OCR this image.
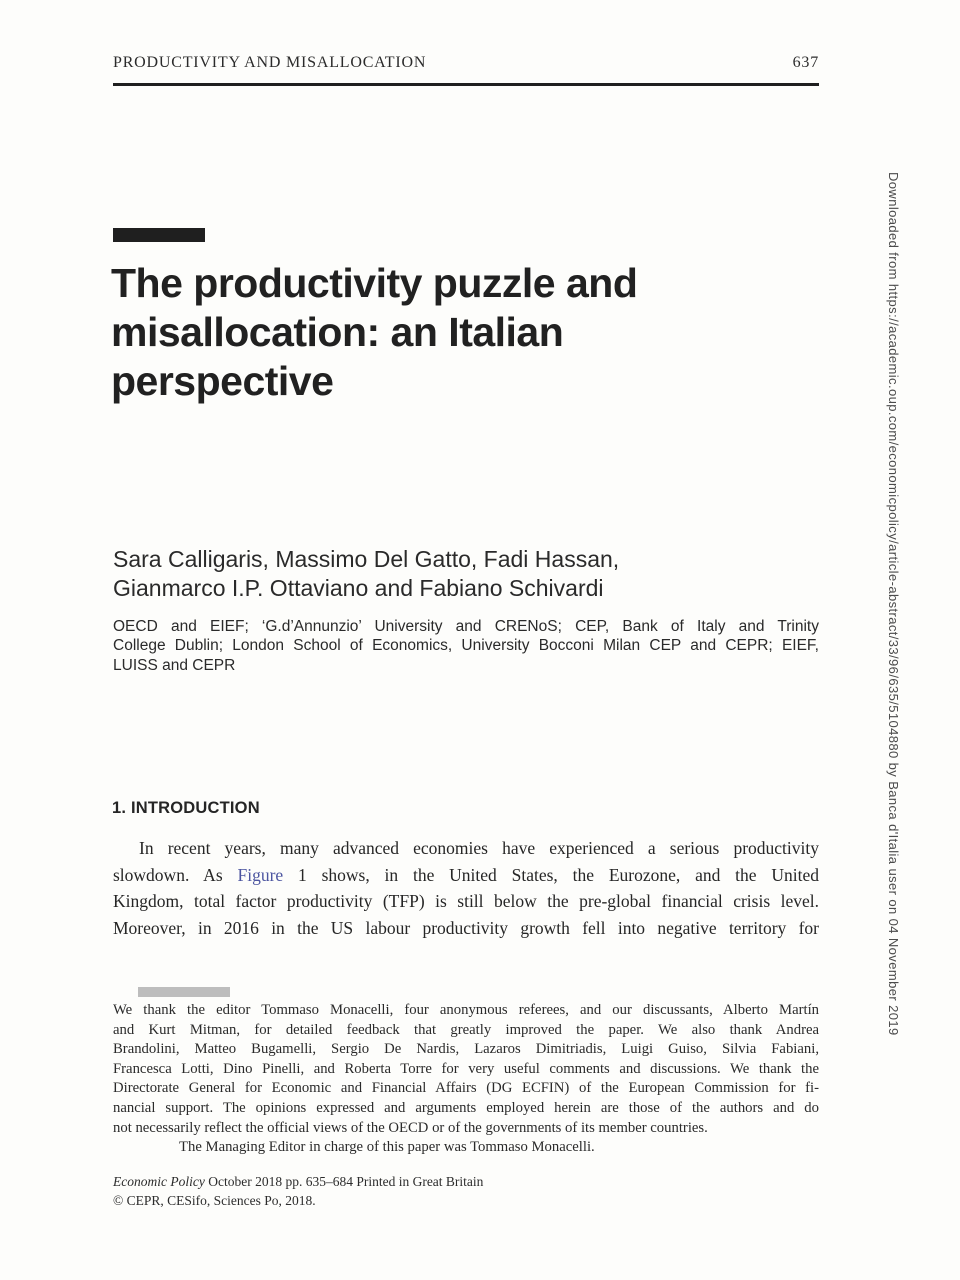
PRODUCTIVITY AND MISALLOCATION	637
The productivity puzzle and
misallocation: an Italian
perspective
Sara Calligaris, Massimo Del Gatto, Fadi Hassan,
Gianmarco I.P. Ottaviano and Fabiano Schivardi
OECD and EIEF; ‘G.d’Annunzio’ University and CRENoS; CEP, Bank of Italy and Trinity
College Dublin; London School of Economics, University Bocconi Milan CEP and CEPR; EIEF,
LUISS and CEPR
1. INTRODUCTION
In recent years, many advanced economies have experienced a serious productivity
slowdown. As Figure 1 shows, in the United States, the Eurozone, and the United
Kingdom, total factor productivity (TFP) is still below the pre-global financial crisis level.
Moreover, in 2016 in the US labour productivity growth fell into negative territory for
We thank the editor Tommaso Monacelli, four anonymous referees, and our discussants, Alberto Martín
and Kurt Mitman, for detailed feedback that greatly improved the paper. We also thank Andrea
Brandolini, Matteo Bugamelli, Sergio De Nardis, Lazaros Dimitriadis, Luigi Guiso, Silvia Fabiani,
Francesca Lotti, Dino Pinelli, and Roberta Torre for very useful comments and discussions. We thank the
Directorate General for Economic and Financial Affairs (DG ECFIN) of the European Commission for fi-
nancial support. The opinions expressed and arguments employed herein are those of the authors and do
not necessarily reflect the official views of the OECD or of the governments of its member countries.
The Managing Editor in charge of this paper was Tommaso Monacelli.
Economic Policy October 2018 pp. 635–684 Printed in Great Britain
© CEPR, CESifo, Sciences Po, 2018.
Downloaded from https://academic.oup.com/economicpolicy/article-abstract/33/96/635/5104880 by Banca d'Italia user on 04 November 2019
